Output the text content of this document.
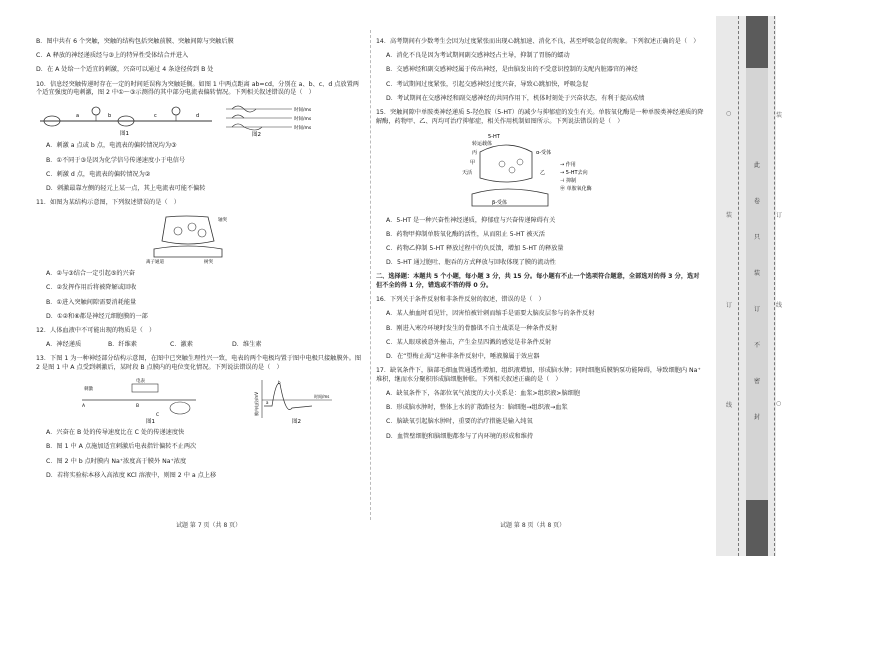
B．图中共有 6 个突触，突触的结构包括突触前膜、突触间隙与突触后膜
C．A 释放的神经递质经与③上的特异性受体结合并进入
D．在 A 处给一个适宜的刺激，兴奋可以通过 4 条途径传到 B 处
10．信息经突触传递时存在一定的时间延误称为突触延搁。如图 1 中两点距离 ab=cd，分别在 a、b、c、d 点放置两个适宜强度的电刺激，图 2 中①～③示测得的其中部分电流表偏转情况。下列相关叙述错误的是（　）
a	b	c	d
图1
时间/ms
时间/ms
时间/ms
图2
A．刺激 a 点或 b 点，电流表的偏转情况均为③
B．①不同于③是因为化学信号传递速度小于电信号
C．刺激 d 点，电流表的偏转情况为②
D．刺激最靠左侧的轻元上某一点，其上电流表可能不偏转
11．如图为某结构示意图，下列叙述错误的是（　）
轴突
离子通道	树突
A．②与③结合一定引起⑤的兴奋
C．②发挥作用后将被降解或回收
B．①进入突触间隙需要消耗能量
D．①②和⑥都是神经元细胞膜的一部
12．人体血液中不可能出现的物质是（　）
A．神经递质	B．纤维素	C．激素	D．维生素
13．下图 1 为一种神经部分结构示意图，在图中已突触生理性兴一致，电表的两个电极均置于图中电极只接触膜外。图 2 是图 1 中 A 点受到刺激后，某时段 B 点膜内的电位变化情况。下列说法错误的是（　）
刺激
电表
A	B
C
图1
膜内电位/mV	时间/ms
b
a
图2
A．兴奋在 B 处的传导速度比在 C 处的传递速度快
B．图 1 中 A 点施加适宜刺激后电表指针偏转不止两次
C．图 2 中 b 点时膜内 Na⁺浓度高于膜外 Na⁺浓度
D．若将实验标本移入高浓度 KCl 溶液中，则图 2 中 a 点上移
试题 第 7 页（共 8 页）
14．高考期间有少数考生会因为过度紧张而出现心跳加速、消化不良，甚至呼吸急促的现象。下列叙述正确的是（　）
A．消化不良是因为考试期间副交感神经占主导，抑制了胃肠的蠕动
B．交感神经和副交感神经属于传出神经，是由脑发出的不受意识控制的支配内脏器官的神经
C．考试期间过度紧张，引起交感神经过度兴奋，导致心跳加快，呼吸急促
D．考试期间在交感神经和副交感神经的共同作用下，机体时刻处于兴奋状态，有利于提高成绩
15．突触间隙中单胺类神经递质 5-羟色胺（5-HT）的减少与抑郁症的发生有关。单胺氧化酶是一种单胺类神经递质的降解酶，药物甲、乙、丙均可治疗抑郁症，相关作用机制如图所示。下列说法错误的是（　）
5-HT
转运载体
丙
甲
天活
β-受体
α-受体
乙
→ 作用
→ 5-HT去向
⊣ 抑制
㊥ 单胺氧化酶
A．5-HT 是一种兴奋性神经递质，抑郁症与兴奋传递障碍有关
B．药物甲抑制单胺氧化酶的活性，从而阻止 5-HT 被灭活
C．药物乙抑制 5-HT 释放过程中的负反馈，增加 5-HT 的释放量
D．5-HT 通过胞吐、胞吞的方式释放与回收体现了膜的流动性
二、选择题：本题共 5 个小题，每小题 3 分，共 15 分。每小题有不止一个选项符合题意，全部选对的得 3 分，选对但不全的得 1 分，错选或不答的得 0 分。
16．下列关于条件反射和非条件反射的叙述，错误的是（　）
A．某人抽血时看见针，因害怕被针刺而缩手是需要大脑皮层参与的条件反射
B．刚进入寒冷环境时发生的骨骼肌不自主战栗是一种条件反射
C．某人眼球被意外撞击，产生金星四溅的感觉是非条件反射
D．在“望梅止渴”这种非条件反射中，唾液腺属于效应器
17．缺氧条件下，脑部毛细血管通透性增加，组织液增加，形成脑水肿；同时细胞质膜钠泵功能障碍，导致细胞内 Na⁺堆积，继而水分聚积形成脑细胞肿胀。下列相关叙述正确的是（　）
A．缺氧条件下，各部位氧气浓度的大小关系是：血浆>组织液>脑细胞
B．形成脑水肿时，整体上水的扩散路径为：脑细胞→组织液→血浆
C．脑缺氧引起脑水肿时，重要的治疗措施是输入纯氧
D．血管壁细胞和脑细胞都参与了内环境的形成和维持
试题 第 8 页（共 8 页）
此
卷
只
装
订
不
密
封
○
装
订
线
装
订
线
○
